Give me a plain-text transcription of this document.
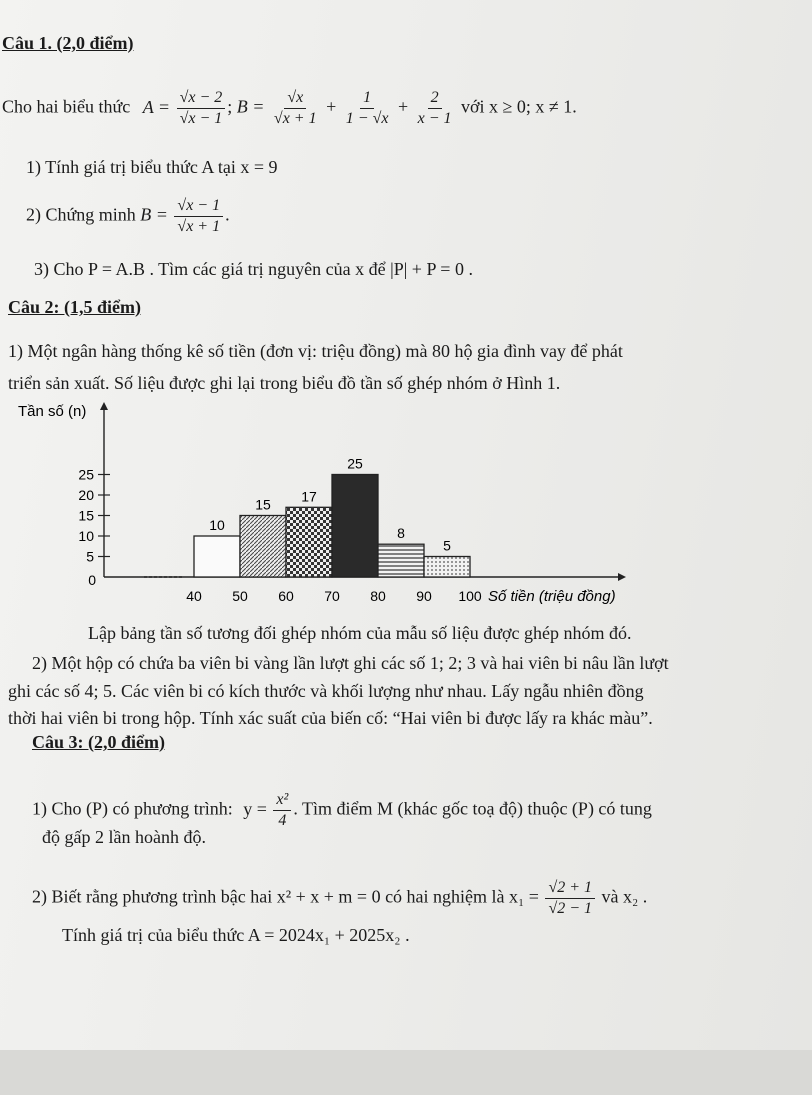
Câu 1. (2,0 điểm)
Cho hai biểu thức $A = \frac{√x - 2}{√x - 1}$ ; $B = \frac{√x}{√x + 1} + \frac{1}{1 - √x} + \frac{2}{x - 1}$ với x ≥ 0; x ≠ 1.
1) Tính giá trị biểu thức A tại x = 9
2) Chứng minh $B = \frac{√x - 1}{√x + 1}$ .
3) Cho P = A.B . Tìm các giá trị nguyên của x để |P| + P = 0 .
Câu 2: (1,5 điểm)
1) Một ngân hàng thống kê số tiền (đơn vị: triệu đồng) mà 80 hộ gia đình vay để phát
triển sản xuất. Số liệu được ghi lại trong biểu đồ tần số ghép nhóm ở Hình 1.
Tần số (n)
0
5
10
15
20
25
10
15
17
25
8
5
40 50 60 70 80 90 100 Số tiền (triệu đồng)
Lập bảng tần số tương đối ghép nhóm của mẫu số liệu được ghép nhóm đó.
2) Một hộp có chứa ba viên bi vàng lần lượt ghi các số 1; 2; 3 và hai viên bi nâu lần lượt
ghi các số 4; 5. Các viên bi có kích thước và khối lượng như nhau. Lấy ngẫu nhiên đồng
thời hai viên bi trong hộp. Tính xác suất của biến cố: “Hai viên bi được lấy ra khác màu”.
Câu 3: (2,0 điểm)
1) Cho (P) có phương trình: $y = \frac{\text{x²}}{4}$ . Tìm điểm M (khác gốc toạ độ) thuộc (P) có tung
độ gấp 2 lần hoành độ.
2) Biết rằng phương trình bậc hai x² + x + m = 0 có hai nghiệm là $x_1 = \frac{√2 + 1}{√2 - 1}$ và x₂ .
Tính giá trị của biểu thức A = 2024x₁ + 2025x₂ .
